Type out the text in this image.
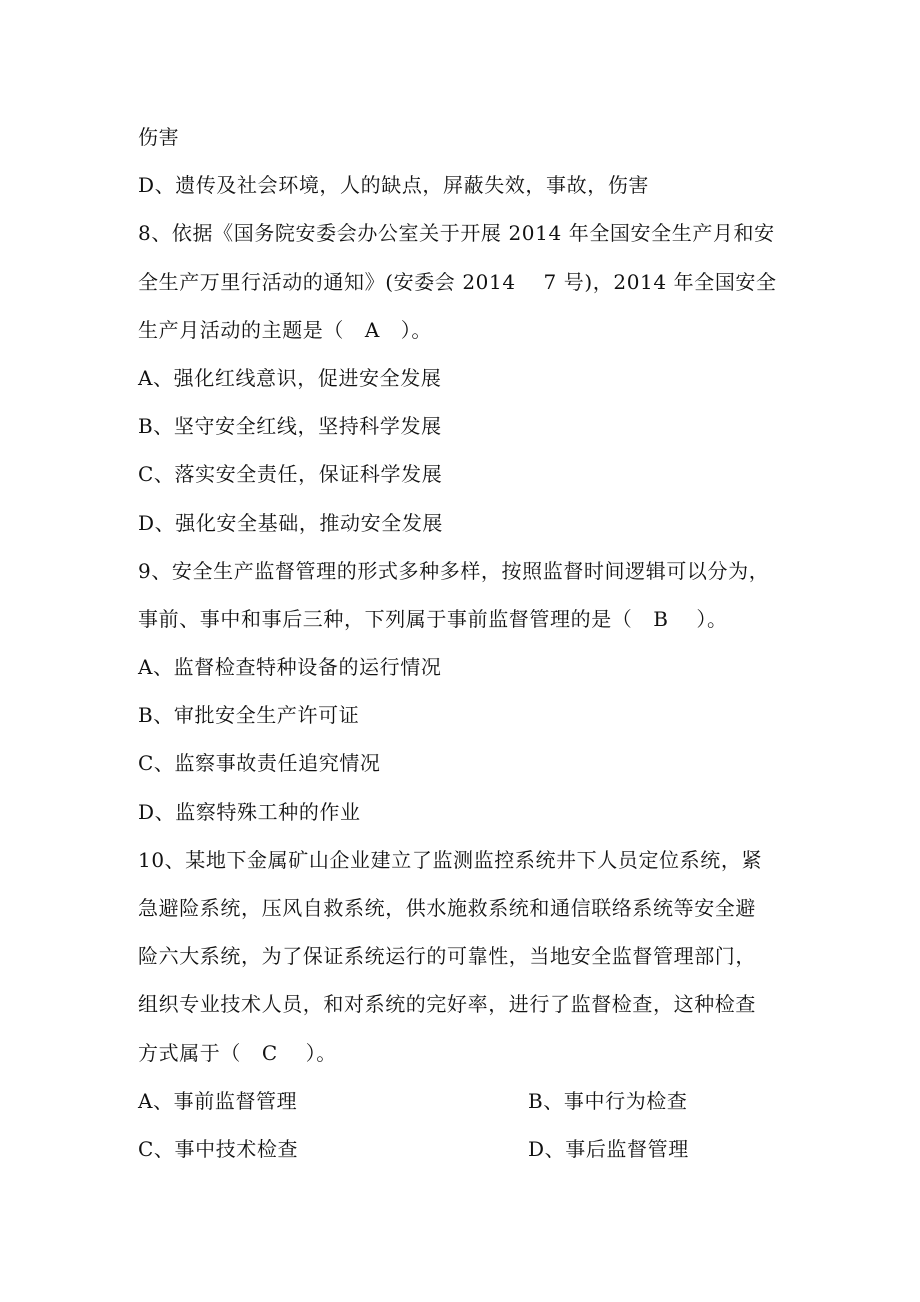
伤害
D、遗传及社会环境，人的缺点，屏蔽失效，事故，伤害
8、依据《国务院安委会办公室关于开展 2014 年全国安全生产月和安
全生产万里行活动的通知》(安委会 2014    7 号)，2014 年全国安全
生产月活动的主题是（   A   ）。
A、强化红线意识，促进安全发展
B、坚守安全红线，坚持科学发展
C、落实安全责任，保证科学发展
D、强化安全基础，推动安全发展
9、安全生产监督管理的形式多种多样，按照监督时间逻辑可以分为，
事前、事中和事后三种，下列属于事前监督管理的是（   B    ）。
A、监督检查特种设备的运行情况
B、审批安全生产许可证
C、监察事故责任追究情况
D、监察特殊工种的作业
10、某地下金属矿山企业建立了监测监控系统井下人员定位系统，紧
急避险系统，压风自救系统，供水施救系统和通信联络系统等安全避
险六大系统，为了保证系统运行的可靠性，当地安全监督管理部门，
组织专业技术人员，和对系统的完好率，进行了监督检查，这种检查
方式属于（   C    ）。
A、事前监督管理	B、事中行为检查
C、事中技术检查	D、事后监督管理
